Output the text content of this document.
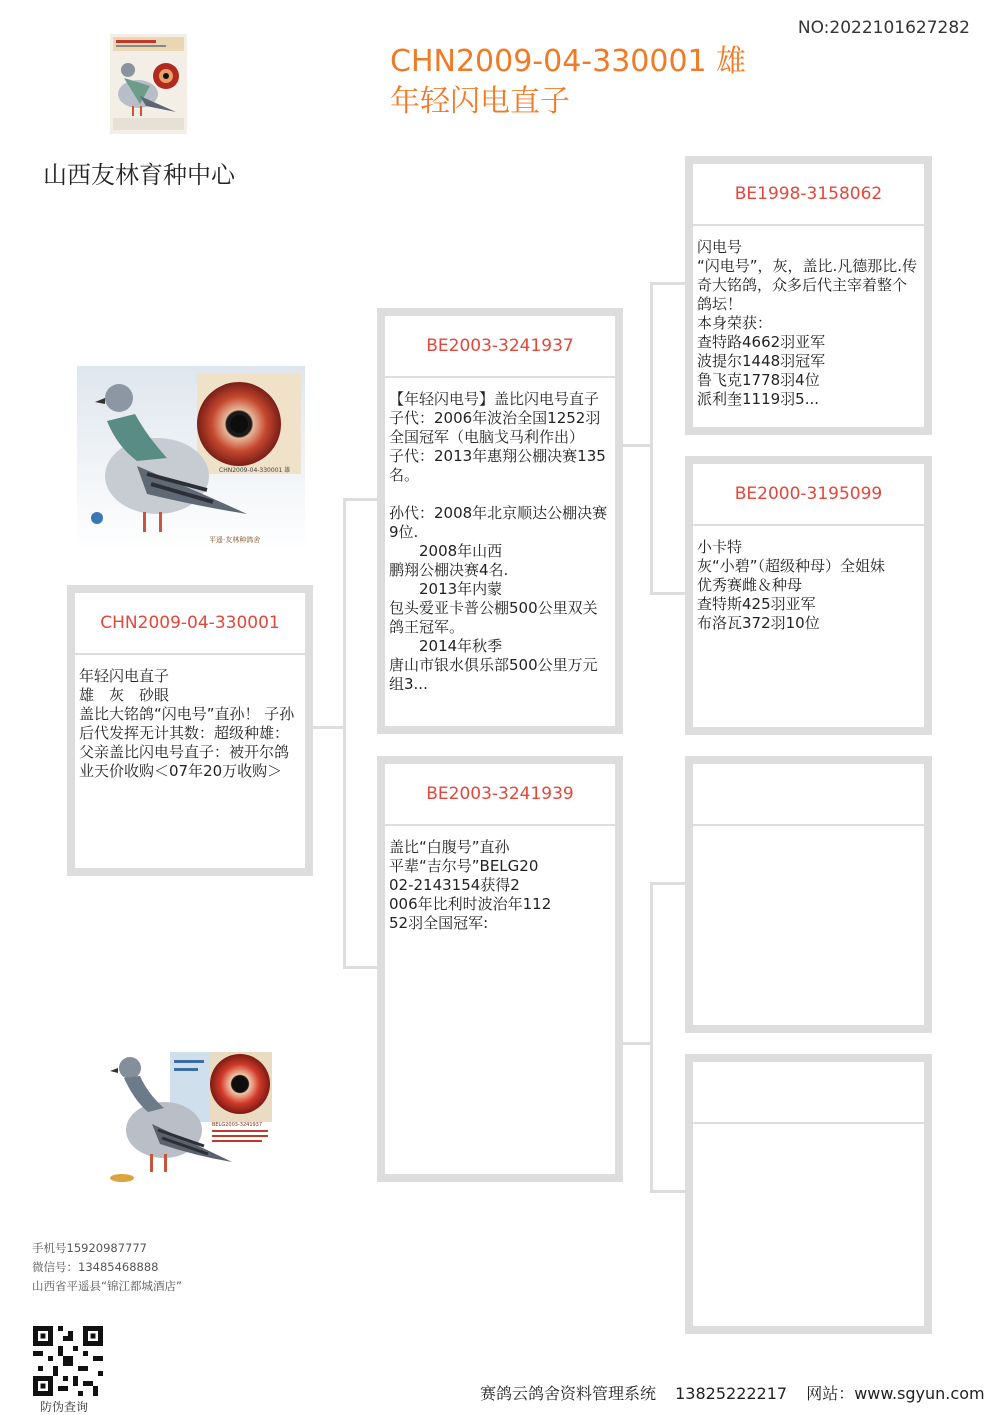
NO:2022101627282
CHN2009-04-330001 雄
年轻闪电直子
山西友林育种中心
CHN2009-04-330001 雄
平遥·友林种鸽舍
CHN2009-04-330001
年轻闪电直子
雄　灰　砂眼
盖比大铭鸽“闪电号”直孙！ 子孙后代发挥无计其数：超级种雄：父亲盖比闪电号直子：被开尔鸽业天价收购＜07年20万收购＞
BE2003-3241937
【年轻闪电号】盖比闪电号直子
子代：2006年波治全国1252羽全国冠军（电脑戈马利作出）
子代：2013年惠翔公棚决赛135名。

孙代：2008年北京顺达公棚决赛9位.
　　2008年山西
鹏翔公棚决赛4名.
　　2013年内蒙
包头爱亚卡普公棚500公里双关鸽王冠军。
　　2014年秋季
唐山市银水俱乐部500公里万元组3...
BE2003-3241939
盖比“白腹号”直孙
平辈“吉尔号”BELG20
02-2143154获得2
006年比利时波治年112
52羽全国冠军:
BE1998-3158062
闪电号
“闪电号”，灰，盖比.凡德那比.传奇大铭鸽，众多后代主宰着整个鸽坛！
本身荣获：
查特路4662羽亚军
波提尔1448羽冠军
鲁飞克1778羽4位
派利奎1119羽5...
BE2000-3195099
小卡特
灰“小碧”（超级种母）全姐妹
优秀赛雌＆种母
查特斯425羽亚军
布洛瓦372羽10位
BELG2003-3241937
手机号15920987777
微信号：13485468888
山西省平遥县“锦江都城酒店”
防伪查询
赛鸽云鸽舍资料管理系统 13825222217 网站：www.sgyun.com
